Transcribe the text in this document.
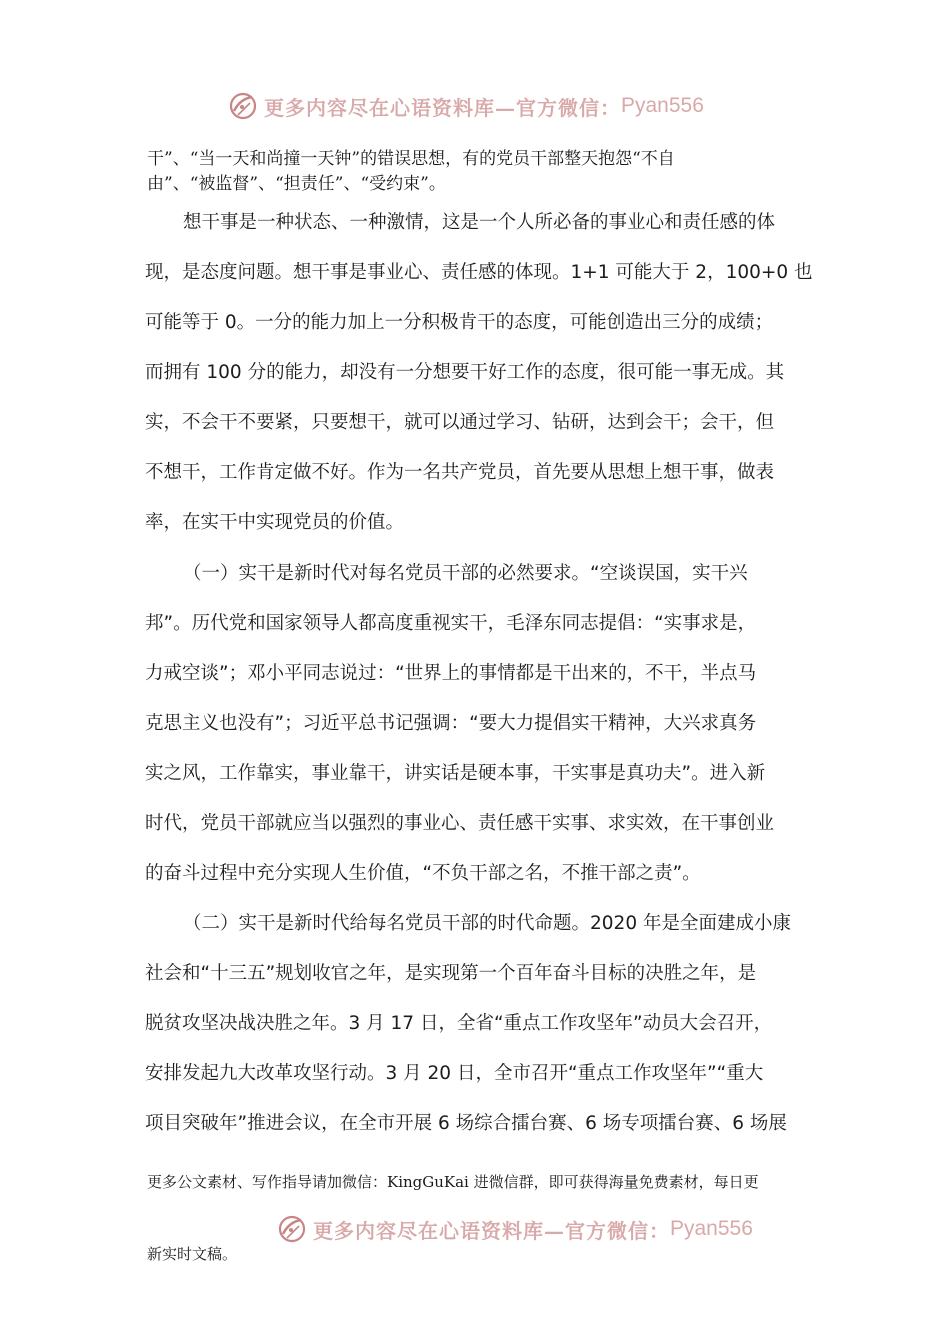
更多内容尽在心语资料库—官方微信： Pyan556
干”、“当一天和尚撞一天钟”的错误思想，有的党员干部整天抱怨“不自
由”、“被监督”、“担责任”、“受约束”。
想干事是一种状态、一种激情，这是一个人所必备的事业心和责任感的体
现，是态度问题。想干事是事业心、责任感的体现。1+1 可能大于 2，100+0 也
可能等于 0。一分的能力加上一分积极肯干的态度，可能创造出三分的成绩；
而拥有 100 分的能力，却没有一分想要干好工作的态度，很可能一事无成。其
实，不会干不要紧，只要想干，就可以通过学习、钻研，达到会干；会干，但
不想干，工作肯定做不好。作为一名共产党员，首先要从思想上想干事，做表
率，在实干中实现党员的价值。
（一）实干是新时代对每名党员干部的必然要求。“空谈误国，实干兴
邦”。历代党和国家领导人都高度重视实干，毛泽东同志提倡：“实事求是，
力戒空谈”；邓小平同志说过：“世界上的事情都是干出来的，不干，半点马
克思主义也没有”；习近平总书记强调：“要大力提倡实干精神，大兴求真务
实之风，工作靠实，事业靠干，讲实话是硬本事，干实事是真功夫”。进入新
时代，党员干部就应当以强烈的事业心、责任感干实事、求实效，在干事创业
的奋斗过程中充分实现人生价值，“不负干部之名，不推干部之责”。
（二）实干是新时代给每名党员干部的时代命题。2020 年是全面建成小康
社会和“十三五”规划收官之年，是实现第一个百年奋斗目标的决胜之年，是
脱贫攻坚决战决胜之年。3 月 17 日，全省“重点工作攻坚年”动员大会召开，
安排发起九大改革攻坚行动。3 月 20 日，全市召开“重点工作攻坚年”“重大
项目突破年”推进会议，在全市开展 6 场综合擂台赛、6 场专项擂台赛、6 场展
更多公文素材、写作指导请加微信：KingGuKai 进微信群，即可获得海量免费素材，每日更
更多内容尽在心语资料库—官方微信： Pyan556
新实时文稿。
